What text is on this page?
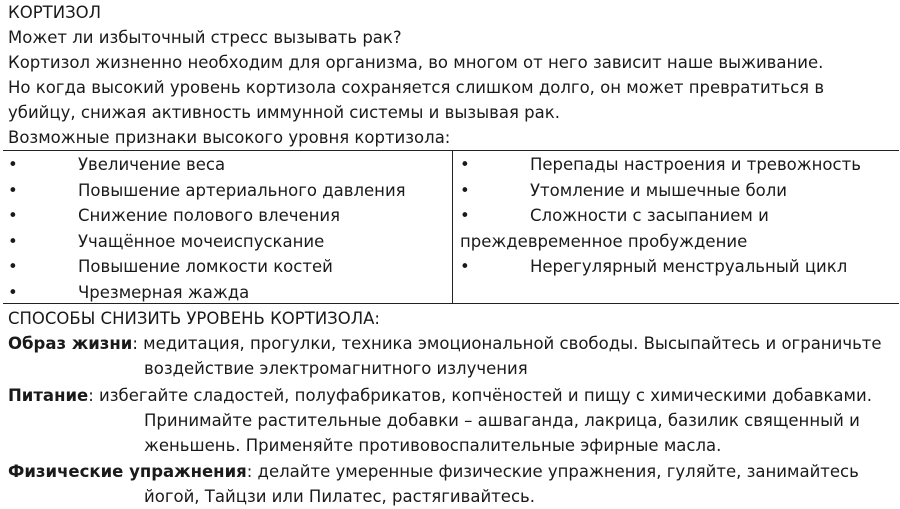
КОРТИЗОЛ
Может ли избыточный стресс вызывать рак?
Кортизол жизненно необходим для организма, во многом от него зависит наше выживание.
Но когда высокий уровень кортизола сохраняется слишком долго, он может превратиться в
убийцу, снижая активность иммунной системы и вызывая рак.
Возможные признаки высокого уровня кортизола:
•	Увеличение веса
•	Повышение артериального давления
•	Снижение полового влечения
•	Учащённое мочеиспускание
•	Повышение ломкости костей
•	Чрезмерная жажда
•	Перепады настроения и тревожность
•	Утомление и мышечные боли
•	Сложности с засыпанием и
преждевременное пробуждение
•	Нерегулярный менструальный цикл
СПОСОБЫ СНИЗИТЬ УРОВЕНЬ КОРТИЗОЛА:
Образ жизни: медитация, прогулки, техника эмоциональной свободы. Высыпайтесь и ограничьте
воздействие электромагнитного излучения
Питание: избегайте сладостей, полуфабрикатов, копчёностей и пищу с химическими добавками.
Принимайте растительные добавки – ашваганда, лакрица, базилик священный и
женьшень. Применяйте противовоспалительные эфирные масла.
Физические упражнения: делайте умеренные физические упражнения, гуляйте, занимайтесь
йогой, Тайцзи или Пилатес, растягивайтесь.
